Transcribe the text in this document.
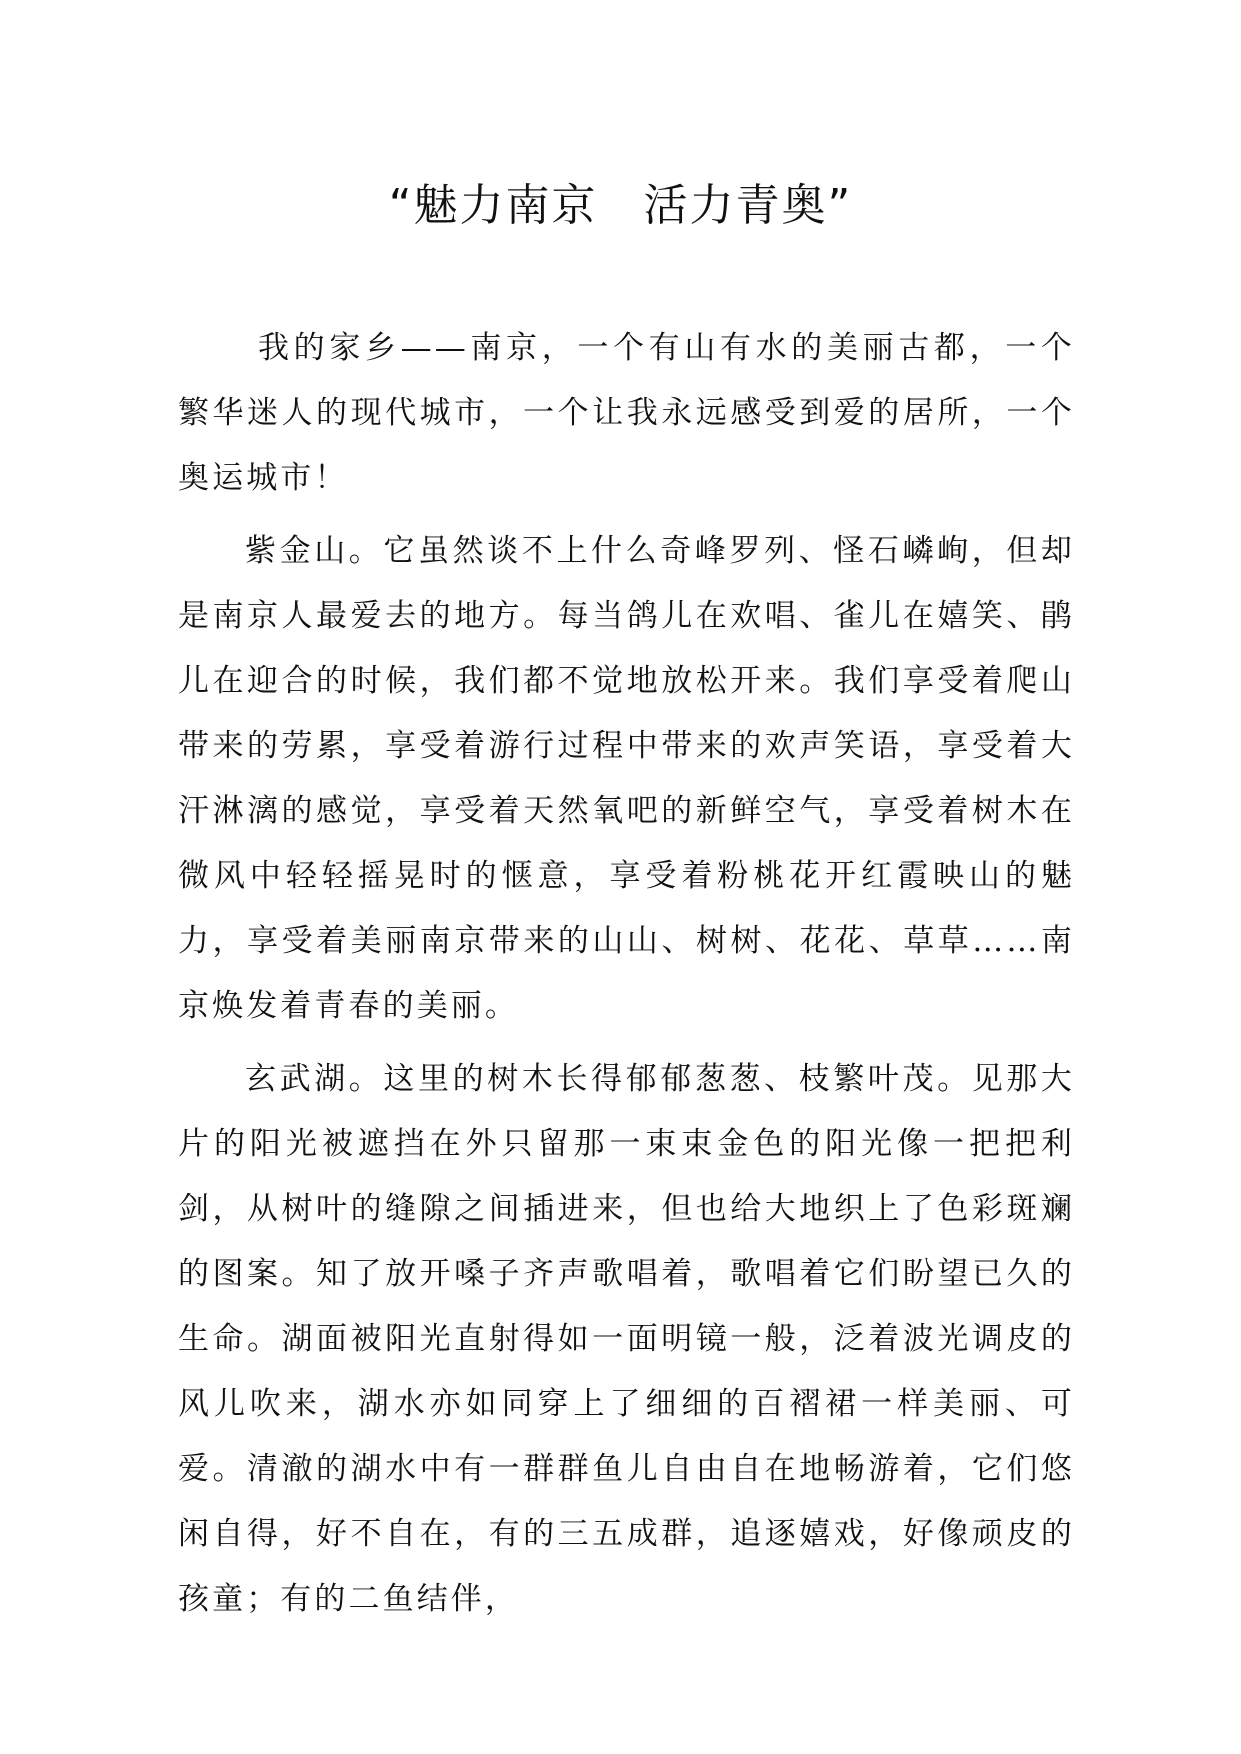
“魅力南京　活力青奥”

我的家乡——南京，一个有山有水的美丽古都，一个繁华迷人的现代城市，一个让我永远感受到爱的居所，一个奥运城市！

紫金山。它虽然谈不上什么奇峰罗列、怪石嶙峋，但却是南京人最爱去的地方。每当鸽儿在欢唱、雀儿在嬉笑、鹃儿在迎合的时候，我们都不觉地放松开来。我们享受着爬山带来的劳累，享受着游行过程中带来的欢声笑语，享受着大汗淋漓的感觉，享受着天然氧吧的新鲜空气，享受着树木在微风中轻轻摇晃时的惬意，享受着粉桃花开红霞映山的魅力，享受着美丽南京带来的山山、树树、花花、草草……南京焕发着青春的美丽。

玄武湖。这里的树木长得郁郁葱葱、枝繁叶茂。见那大片的阳光被遮挡在外只留那一束束金色的阳光像一把把利剑，从树叶的缝隙之间插进来，但也给大地织上了色彩斑斓的图案。知了放开嗓子齐声歌唱着，歌唱着它们盼望已久的生命。湖面被阳光直射得如一面明镜一般，泛着波光调皮的风儿吹来，湖水亦如同穿上了细细的百褶裙一样美丽、可爱。清澈的湖水中有一群群鱼儿自由自在地畅游着，它们悠闲自得，好不自在，有的三五成群，追逐嬉戏，好像顽皮的孩童；有的二鱼结伴，
